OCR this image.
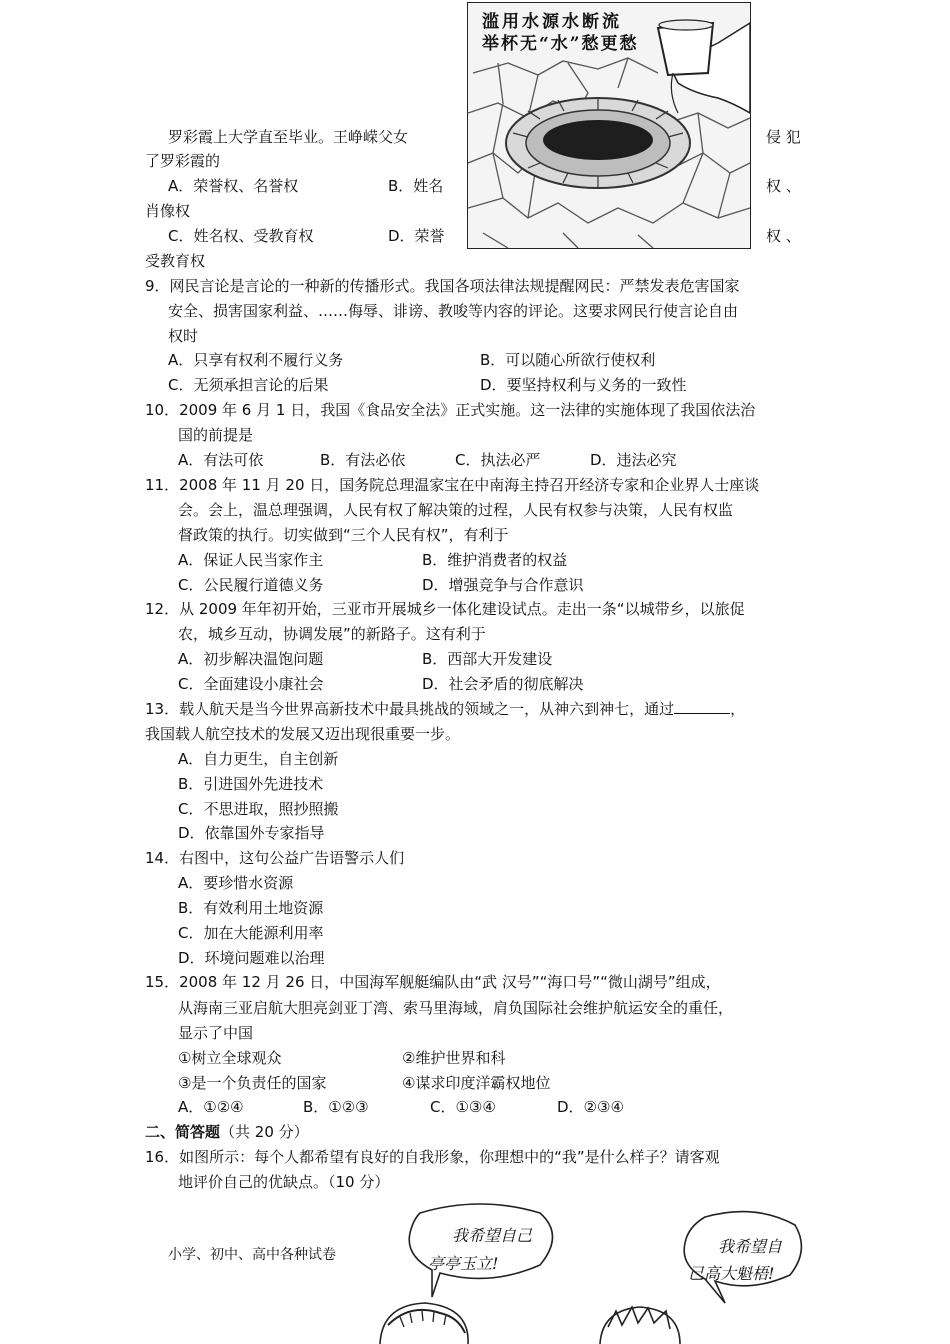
滥用水源水断流
举杯无“水”愁更愁
罗彩霞上大学直至毕业。王峥嵘父女	侵 犯
了罗彩霞的
A．荣誉权、名誉权	B．姓名	权 、
肖像权
C．姓名权、受教育权	D．荣誉	权 、
受教育权
9．网民言论是言论的一种新的传播形式。我国各项法律法规提醒网民：严禁发表危害国家
安全、损害国家利益、……侮辱、诽谤、教唆等内容的评论。这要求网民行使言论自由
权时
A．只享有权利不履行义务	B．可以随心所欲行使权利
C．无须承担言论的后果	D．要坚持权利与义务的一致性
10．2009 年 6 月 1 日，我国《食品安全法》正式实施。这一法律的实施体现了我国依法治
国的前提是
A．有法可依	B．有法必依	C．执法必严	D．违法必究
11．2008 年 11 月 20 日，国务院总理温家宝在中南海主持召开经济专家和企业界人士座谈
会。会上，温总理强调，人民有权了解决策的过程，人民有权参与决策，人民有权监
督政策的执行。切实做到“三个人民有权”，有利于
A．保证人民当家作主	B．维护消费者的权益
C．公民履行道德义务	D．增强竞争与合作意识
12．从 2009 年年初开始，三亚市开展城乡一体化建设试点。走出一条“以城带乡，以旅促
农，城乡互动，协调发展”的新路子。这有利于
A．初步解决温饱问题	B．西部大开发建设
C．全面建设小康社会	D．社会矛盾的彻底解决
13．载人航天是当今世界高新技术中最具挑战的领域之一，从神六到神七，通过	，
我国载人航空技术的发展又迈出现很重要一步。
A．自力更生，自主创新
B．引进国外先进技术
C．不思进取，照抄照搬
D．依靠国外专家指导
14．右图中，这句公益广告语警示人们
A．要珍惜水资源
B．有效利用土地资源
C．加在大能源利用率
D．环境问题难以治理
15．2008 年 12 月 26 日，中国海军舰艇编队由“武 汉号”“海口号”“微山湖号”组成，
从海南三亚启航大胆亮剑亚丁湾、索马里海域，肩负国际社会维护航运安全的重任，
显示了中国
①树立全球观众	②维护世界和科
③是一个负责任的国家	④谋求印度洋霸权地位
A．①②④	B．①②③	C．①③④	D．②③④
二、简答题（共 20 分）
16．如图所示：每个人都希望有良好的自我形象，你理想中的“我”是什么样子？请客观
地评价自己的优缺点。（10 分）
小学、初中、高中各种试卷
我希望自己
亭亭玉立!
我希望自
己高大魁梧!
